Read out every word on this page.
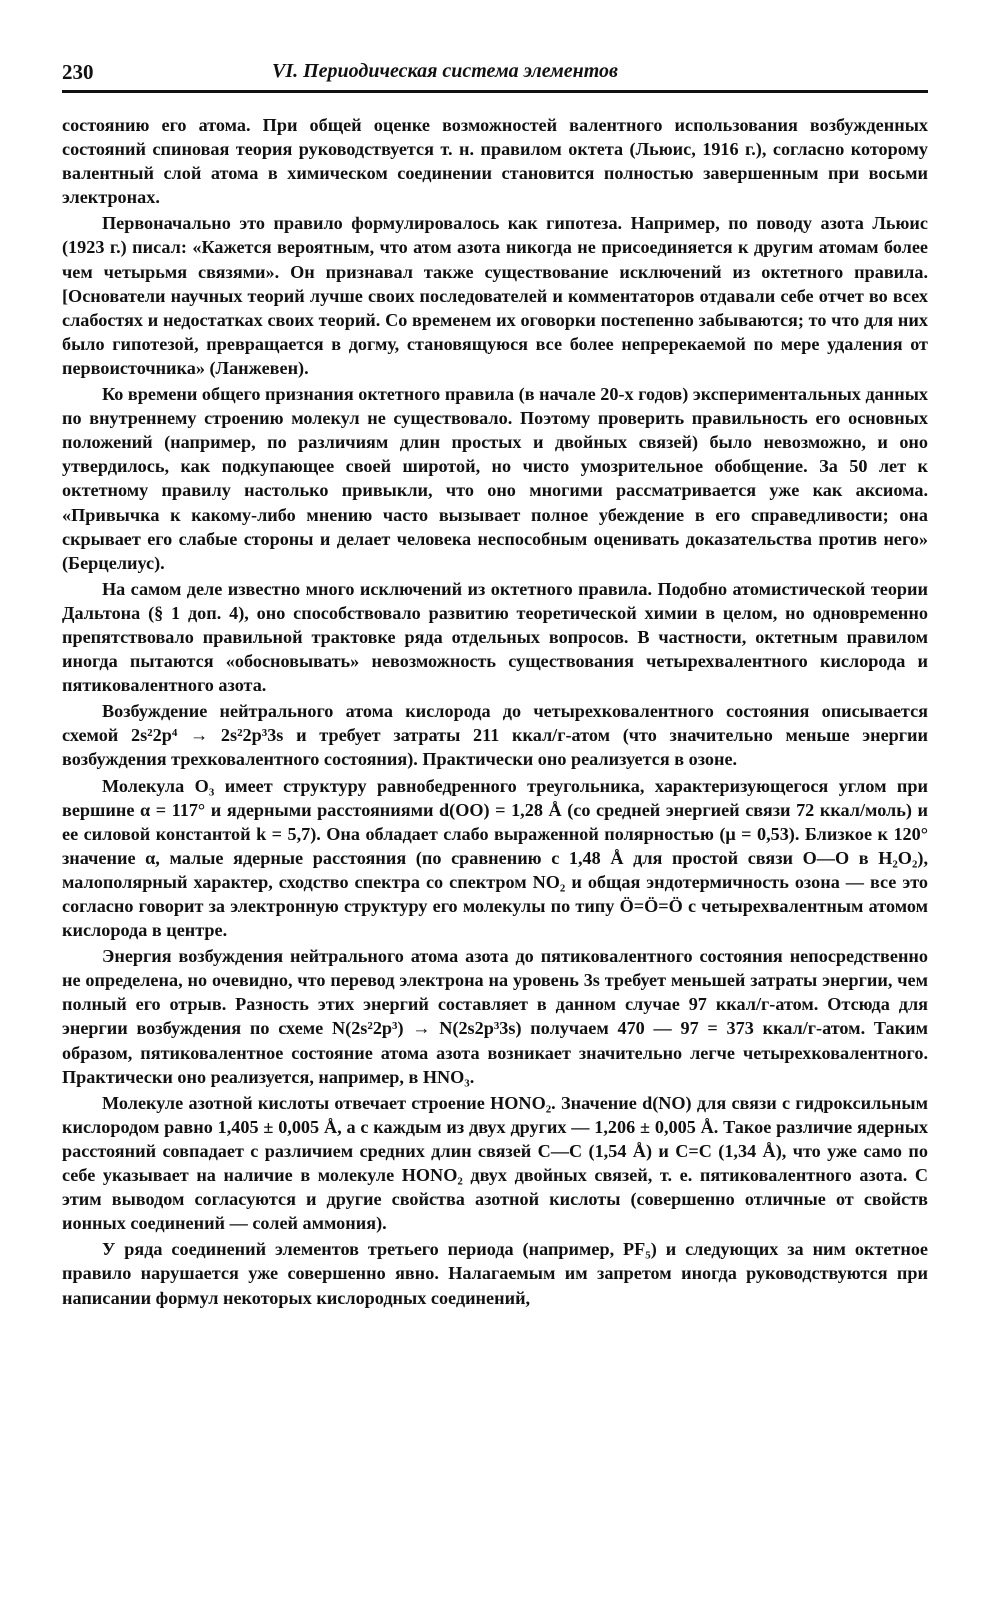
230	VI. Периодическая система элементов

состоянию его атома. При общей оценке возможностей валентного использования возбужденных состояний спиновая теория руководствуется т. н. правилом октета (Льюис, 1916 г.), согласно которому валентный слой атома в химическом соединении становится полностью завершенным при восьми электронах.

Первоначально это правило формулировалось как гипотеза. Например, по поводу азота Льюис (1923 г.) писал: «Кажется вероятным, что атом азота никогда не присоединяется к другим атомам более чем четырьмя связями». Он признавал также существование исключений из октетного правила. [Основатели научных теорий лучше своих последователей и комментаторов отдавали себе отчет во всех слабостях и недостатках своих теорий. Со временем их оговорки постепенно забываются; то что для них было гипотезой, превращается в догму, становящуюся все более непререкаемой по мере удаления от первоисточника» (Ланжевен).

Ко времени общего признания октетного правила (в начале 20-х годов) экспериментальных данных по внутреннему строению молекул не существовало. Поэтому проверить правильность его основных положений (например, по различиям длин простых и двойных связей) было невозможно, и оно утвердилось, как подкупающее своей широтой, но чисто умозрительное обобщение. За 50 лет к октетному правилу настолько привыкли, что оно многими рассматривается уже как аксиома. «Привычка к какому-либо мнению часто вызывает полное убеждение в его справедливости; она скрывает его слабые стороны и делает человека неспособным оценивать доказательства против него» (Берцелиус).

На самом деле известно много исключений из октетного правила. Подобно атомистической теории Дальтона (§ 1 доп. 4), оно способствовало развитию теоретической химии в целом, но одновременно препятствовало правильной трактовке ряда отдельных вопросов. В частности, октетным правилом иногда пытаются «обосновывать» невозможность существования четырехвалентного кислорода и пятиковалентного азота.

Возбуждение нейтрального атома кислорода до четырехковалентного состояния описывается схемой 2s²2p⁴ → 2s²2p³3s и требует затраты 211 ккал/г-атом (что значительно меньше энергии возбуждения трехковалентного состояния). Практически оно реализуется в озоне.

Молекула O₃ имеет структуру равнобедренного треугольника, характеризующегося углом при вершине α = 117° и ядерными расстояниями d(OO) = 1,28 Å (со средней энергией связи 72 ккал/моль) и ее силовой константой k = 5,7). Она обладает слабо выраженной полярностью (μ = 0,53). Близкое к 120° значение α, малые ядерные расстояния (по сравнению с 1,48 Å для простой связи O—O в H₂O₂), малополярный характер, сходство спектра со спектром NO₂ и общая эндотермичность озона — все это согласно говорит за электронную структуру его молекулы по типу Ö=Ö=Ö с четырехвалентным атомом кислорода в центре.

Энергия возбуждения нейтрального атома азота до пятиковалентного состояния непосредственно не определена, но очевидно, что перевод электрона на уровень 3s требует меньшей затраты энергии, чем полный его отрыв. Разность этих энергий составляет в данном случае 97 ккал/г-атом. Отсюда для энергии возбуждения по схеме N(2s²2p³) → N(2s2p³3s) получаем 470 — 97 = 373 ккал/г-атом. Таким образом, пятиковалентное состояние атома азота возникает значительно легче четырехковалентного. Практически оно реализуется, например, в HNO₃.

Молекуле азотной кислоты отвечает строение HONO₂. Значение d(NO) для связи с гидроксильным кислородом равно 1,405 ± 0,005 Å, а с каждым из двух других — 1,206 ± 0,005 Å. Такое различие ядерных расстояний совпадает с различием средних длин связей C—C (1,54 Å) и C=C (1,34 Å), что уже само по себе указывает на наличие в молекуле HONO₂ двух двойных связей, т. е. пятиковалентного азота. С этим выводом согласуются и другие свойства азотной кислоты (совершенно отличные от свойств ионных соединений — солей аммония).

У ряда соединений элементов третьего периода (например, PF₅) и следующих за ним октетное правило нарушается уже совершенно явно. Налагаемым им запретом иногда руководствуются при написании формул некоторых кислородных соединений,
